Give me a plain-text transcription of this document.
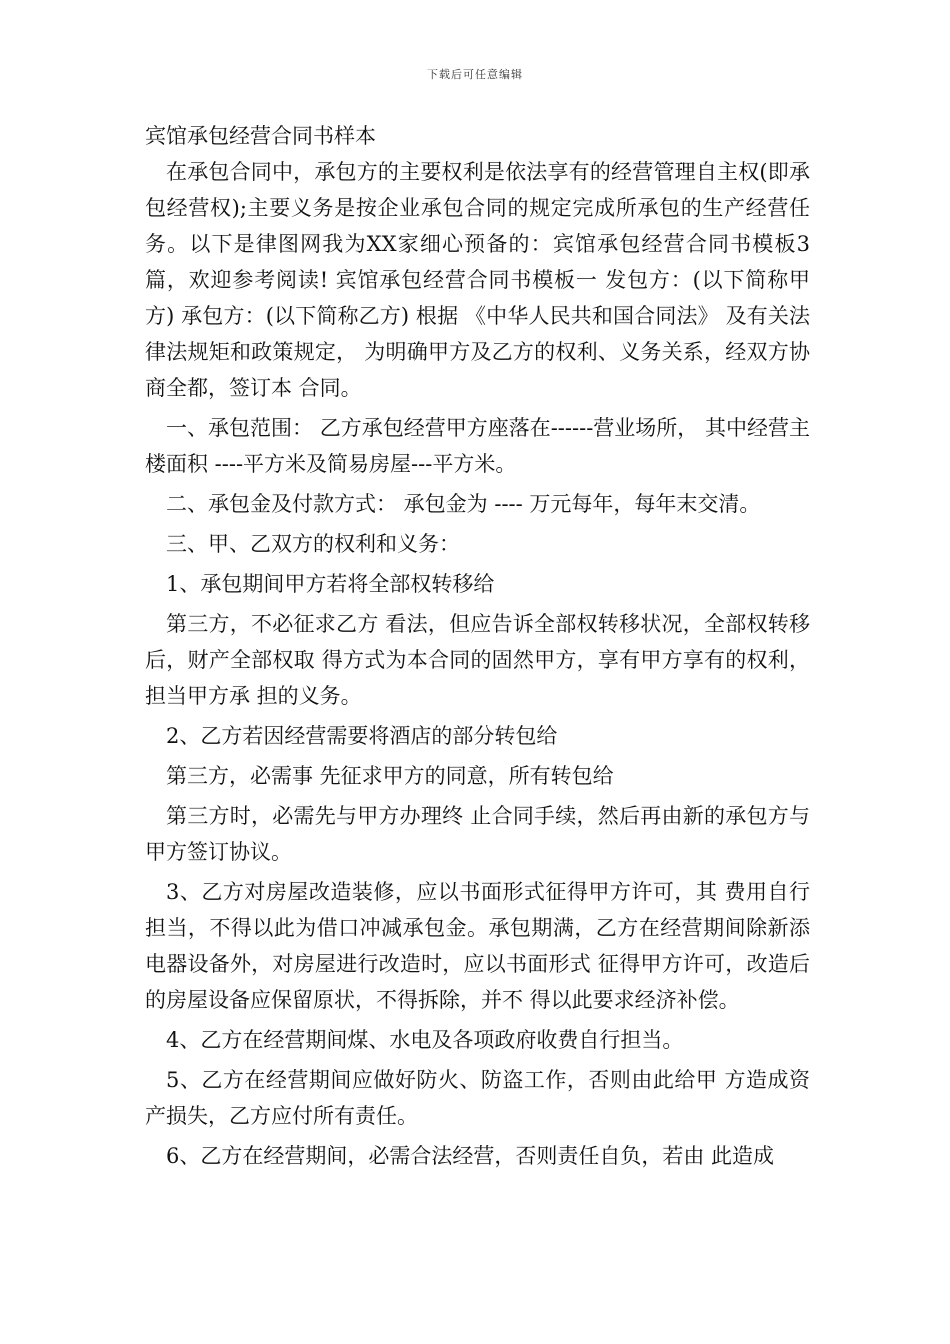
下载后可任意编辑
宾馆承包经营合同书样本

在承包合同中，承包方的主要权利是依法享有的经营管理自主权(即承包经营权);主要义务是按企业承包合同的规定完成所承包的生产经营任务。以下是律图网我为XX家细心预备的：宾馆承包经营合同书模板3篇，欢迎参考阅读! 宾馆承包经营合同书模板一 发包方：(以下简称甲方) 承包方：(以下简称乙方) 根据 《中华人民共和国合同法》 及有关法律法规矩和政策规定， 为明确甲方及乙方的权利、义务关系，经双方协商全都，签订本 合同。

一、承包范围： 乙方承包经营甲方座落在------营业场所， 其中经营主楼面积 ----平方米及简易房屋---平方米。

二、承包金及付款方式： 承包金为 ---- 万元每年，每年末交清。

三、甲、乙双方的权利和义务：

1、承包期间甲方若将全部权转移给

第三方，不必征求乙方 看法，但应告诉全部权转移状况，全部权转移后，财产全部权取 得方式为本合同的固然甲方，享有甲方享有的权利，担当甲方承 担的义务。

2、乙方若因经营需要将酒店的部分转包给

第三方，必需事 先征求甲方的同意，所有转包给

第三方时，必需先与甲方办理终 止合同手续，然后再由新的承包方与甲方签订协议。

3、乙方对房屋改造装修，应以书面形式征得甲方许可，其 费用自行担当，不得以此为借口冲减承包金。承包期满，乙方在经营期间除新添电器设备外，对房屋进行改造时，应以书面形式 征得甲方许可，改造后的房屋设备应保留原状，不得拆除，并不 得以此要求经济补偿。

4、乙方在经营期间煤、水电及各项政府收费自行担当。

5、乙方在经营期间应做好防火、防盗工作，否则由此给甲 方造成资产损失，乙方应付所有责任。

6、乙方在经营期间，必需合法经营，否则责任自负，若由 此造成
